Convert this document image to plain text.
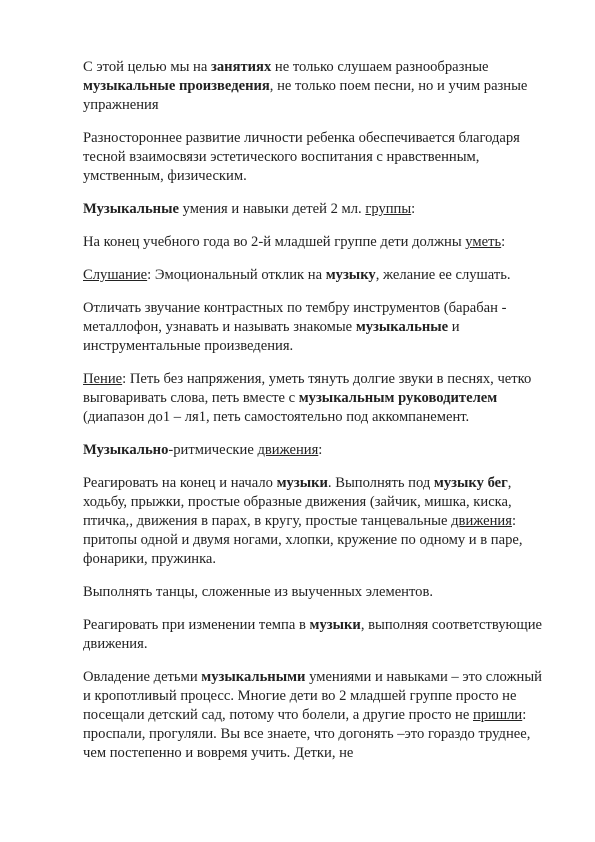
С этой целью мы на занятиях не только слушаем разнообразные музыкальные произведения, не только поем песни, но и учим разные упражнения

Разностороннее развитие личности ребенка обеспечивается благодаря тесной взаимосвязи эстетического воспитания с нравственным, умственным, физическим.

Музыкальные умения и навыки детей 2 мл. группы:

На конец учебного года во 2-й младшей группе дети должны уметь:

Слушание: Эмоциональный отклик на музыку, желание ее слушать.

Отличать звучание контрастных по тембру инструментов (барабан - металлофон, узнавать и называть знакомые музыкальные и инструментальные произведения.

Пение: Петь без напряжения, уметь тянуть долгие звуки в песнях, четко выговаривать слова, петь вместе с музыкальным руководителем (диапазон до1 – ля1, петь самостоятельно под аккомпанемент.

Музыкально-ритмические движения:

Реагировать на конец и начало музыки. Выполнять под музыку бег, ходьбу, прыжки, простые образные движения (зайчик, мишка, киска, птичка,, движения в парах, в кругу, простые танцевальные движения: притопы одной и двумя ногами, хлопки, кружение по одному и в паре, фонарики, пружинка.

Выполнять танцы, сложенные из выученных элементов.

Реагировать при изменении темпа в музыки, выполняя соответствующие движения.

Овладение детьми музыкальными умениями и навыками – это сложный и кропотливый процесс. Многие дети во 2 младшей группе просто не посещали детский сад, потому что болели, а другие просто не пришли: проспали, прогуляли. Вы все знаете, что догонять –это гораздо труднее, чем постепенно и вовремя учить. Детки, не
